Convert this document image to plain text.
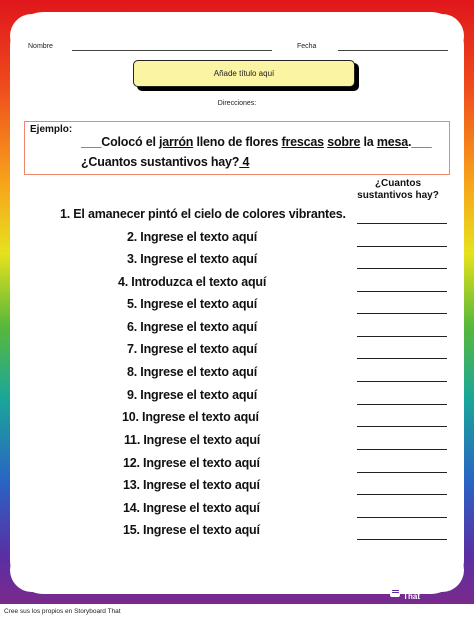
Nombre	Fecha
Añade título aquí
Direcciones:
Ejemplo:
___Colocó el jarrón lleno de flores frescas sobre la mesa.___
¿Cuantos sustantivos hay? 4
¿Cuantos
sustantivos hay?
1. El amanecer pintó el cielo de colores vibrantes.
2. Ingrese el texto aquí
3. Ingrese el texto aquí
4. Introduzca el texto aquí
5. Ingrese el texto aquí
6. Ingrese el texto aquí
7. Ingrese el texto aquí
8. Ingrese el texto aquí
9. Ingrese el texto aquí
10. Ingrese el texto aquí
11. Ingrese el texto aquí
12. Ingrese el texto aquí
13. Ingrese el texto aquí
14. Ingrese el texto aquí
15. Ingrese el texto aquí
www.storyboardthat.com	Storyboard That
Cree sus los propios en Storyboard That
